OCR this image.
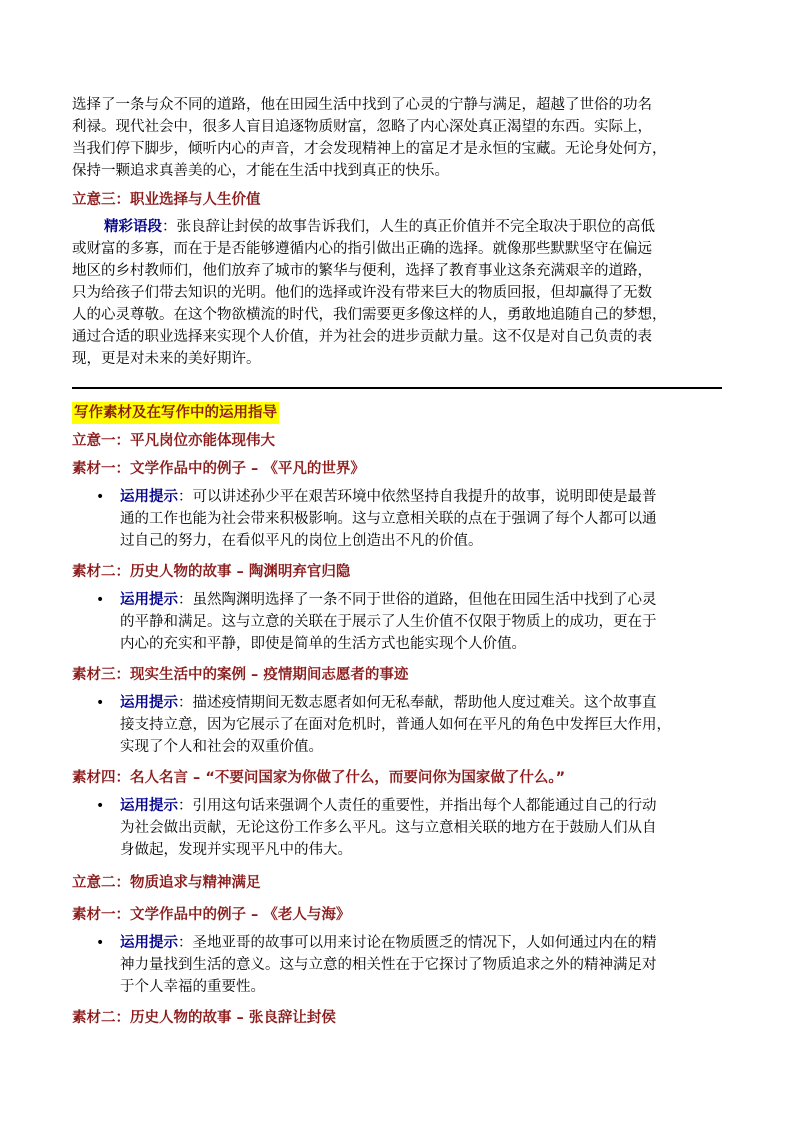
选择了一条与众不同的道路，他在田园生活中找到了心灵的宁静与满足，超越了世俗的功名
利禄。现代社会中，很多人盲目追逐物质财富，忽略了内心深处真正渴望的东西。实际上，
当我们停下脚步，倾听内心的声音，才会发现精神上的富足才是永恒的宝藏。无论身处何方，
保持一颗追求真善美的心，才能在生活中找到真正的快乐。

立意三：职业选择与人生价值

精彩语段：张良辞让封侯的故事告诉我们，人生的真正价值并不完全取决于职位的高低
或财富的多寡，而在于是否能够遵循内心的指引做出正确的选择。就像那些默默坚守在偏远
地区的乡村教师们，他们放弃了城市的繁华与便利，选择了教育事业这条充满艰辛的道路，
只为给孩子们带去知识的光明。他们的选择或许没有带来巨大的物质回报，但却赢得了无数
人的心灵尊敬。在这个物欲横流的时代，我们需要更多像这样的人，勇敢地追随自己的梦想，
通过合适的职业选择来实现个人价值，并为社会的进步贡献力量。这不仅是对自己负责的表
现，更是对未来的美好期许。

写作素材及在写作中的运用指导

立意一：平凡岗位亦能体现伟大

素材一：文学作品中的例子 – 《平凡的世界》

• 运用提示：可以讲述孙少平在艰苦环境中依然坚持自我提升的故事，说明即使是最普
通的工作也能为社会带来积极影响。这与立意相关联的点在于强调了每个人都可以通
过自己的努力，在看似平凡的岗位上创造出不凡的价值。

素材二：历史人物的故事 – 陶渊明弃官归隐

• 运用提示：虽然陶渊明选择了一条不同于世俗的道路，但他在田园生活中找到了心灵
的平静和满足。这与立意的关联在于展示了人生价值不仅限于物质上的成功，更在于
内心的充实和平静，即使是简单的生活方式也能实现个人价值。

素材三：现实生活中的案例 – 疫情期间志愿者的事迹

• 运用提示：描述疫情期间无数志愿者如何无私奉献，帮助他人度过难关。这个故事直
接支持立意，因为它展示了在面对危机时，普通人如何在平凡的角色中发挥巨大作用，
实现了个人和社会的双重价值。

素材四：名人名言 – “不要问国家为你做了什么，而要问你为国家做了什么。”

• 运用提示：引用这句话来强调个人责任的重要性，并指出每个人都能通过自己的行动
为社会做出贡献，无论这份工作多么平凡。这与立意相关联的地方在于鼓励人们从自
身做起，发现并实现平凡中的伟大。

立意二：物质追求与精神满足

素材一：文学作品中的例子 – 《老人与海》

• 运用提示：圣地亚哥的故事可以用来讨论在物质匮乏的情况下，人如何通过内在的精
神力量找到生活的意义。这与立意的相关性在于它探讨了物质追求之外的精神满足对
于个人幸福的重要性。

素材二：历史人物的故事 – 张良辞让封侯
